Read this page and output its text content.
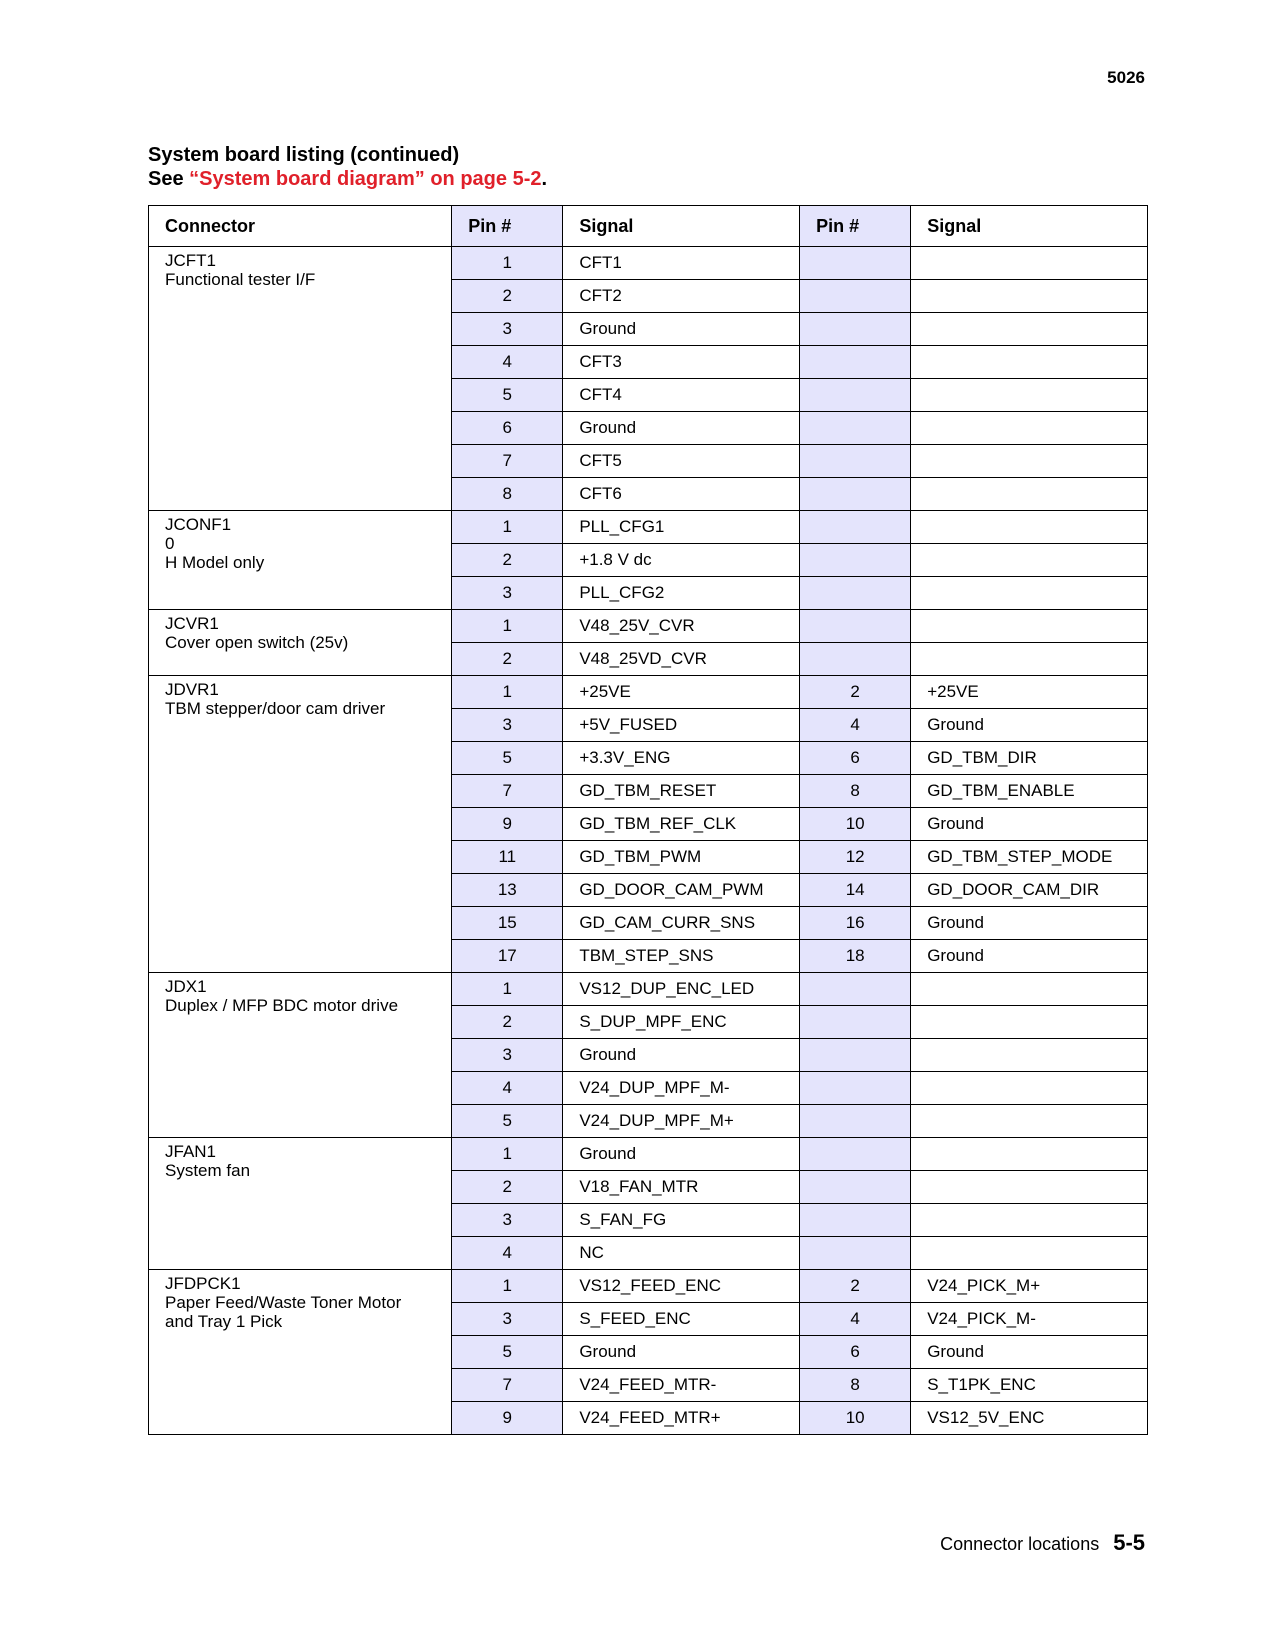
5026
System board listing (continued)
See “System board diagram” on page 5-2.
Connector	Pin #	Signal	Pin #	Signal

JCFT1
Functional tester I/F	1	CFT1		
	2	CFT2		
	3	Ground		
	4	CFT3		
	5	CFT4		
	6	Ground		
	7	CFT5		
	8	CFT6		

JCONF1
0
H Model only	1	PLL_CFG1		
	2	+1.8 V dc		
	3	PLL_CFG2		

JCVR1
Cover open switch (25v)	1	V48_25V_CVR		
	2	V48_25VD_CVR		

JDVR1
TBM stepper/door cam driver	1	+25VE	2	+25VE
	3	+5V_FUSED	4	Ground
	5	+3.3V_ENG	6	GD_TBM_DIR
	7	GD_TBM_RESET	8	GD_TBM_ENABLE
	9	GD_TBM_REF_CLK	10	Ground
	11	GD_TBM_PWM	12	GD_TBM_STEP_MODE
	13	GD_DOOR_CAM_PWM	14	GD_DOOR_CAM_DIR
	15	GD_CAM_CURR_SNS	16	Ground
	17	TBM_STEP_SNS	18	Ground

JDX1
Duplex / MFP BDC motor drive	1	VS12_DUP_ENC_LED		
	2	S_DUP_MPF_ENC		
	3	Ground		
	4	V24_DUP_MPF_M-		
	5	V24_DUP_MPF_M+		

JFAN1
System fan	1	Ground		
	2	V18_FAN_MTR		
	3	S_FAN_FG		
	4	NC		

JFDPCK1
Paper Feed/Waste Toner Motor
and Tray 1 Pick	1	VS12_FEED_ENC	2	V24_PICK_M+
	3	S_FEED_ENC	4	V24_PICK_M-
	5	Ground	6	Ground
	7	V24_FEED_MTR-	8	S_T1PK_ENC
	9	V24_FEED_MTR+	10	VS12_5V_ENC
Connector locations 5-5
